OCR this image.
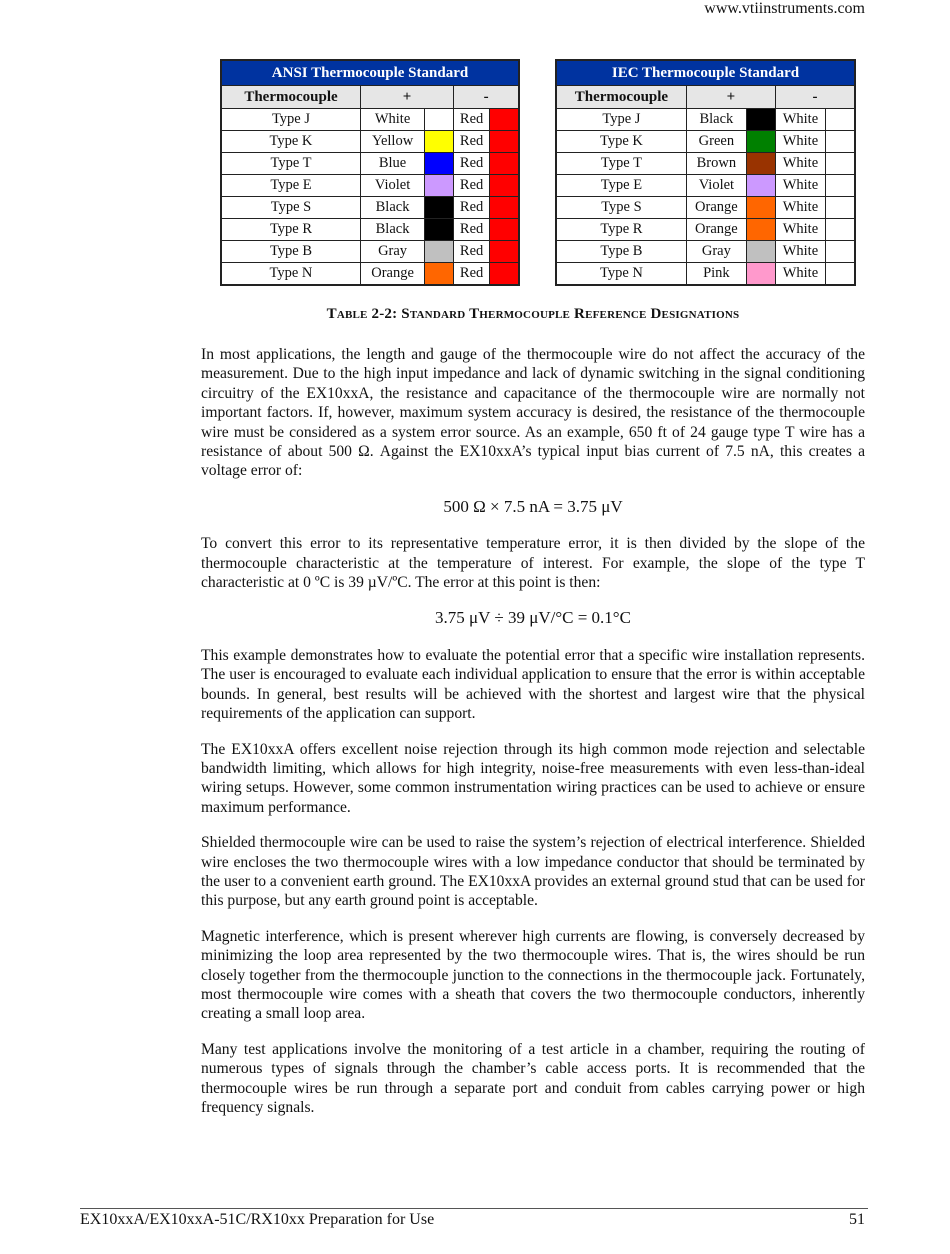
www.vtiinstruments.com
ANSI Thermocouple Standard				
Thermocouple	+		-	
Type J	White		Red	
Type K	Yellow		Red	
Type T	Blue		Red	
Type E	Violet		Red	
Type S	Black		Red	
Type R	Black		Red	
Type B	Gray		Red	
Type N	Orange		Red	
IEC Thermocouple Standard				
Thermocouple	+		-	
Type J	Black		White	
Type K	Green		White	
Type T	Brown		White	
Type E	Violet		White	
Type S	Orange		White	
Type R	Orange		White	
Type B	Gray		White	
Type N	Pink		White	
Table 2-2: Standard Thermocouple Reference Designations

In most applications, the length and gauge of the thermocouple wire do not affect the accuracy of the measurement. Due to the high input impedance and lack of dynamic switching in the signal conditioning circuitry of the EX10xxA, the resistance and capacitance of the thermocouple wire are normally not important factors. If, however, maximum system accuracy is desired, the resistance of the thermocouple wire must be considered as a system error source. As an example, 650 ft of 24 gauge type T wire has a resistance of about 500 Ω. Against the EX10xxA’s typical input bias current of 7.5 nA, this creates a voltage error of:

500 Ω × 7.5 nA = 3.75 μV

To convert this error to its representative temperature error, it is then divided by the slope of the thermocouple characteristic at the temperature of interest. For example, the slope of the type T characteristic at 0 ºC is 39 µV/ºC. The error at this point is then:

3.75 μV ÷ 39 μV/°C = 0.1°C

This example demonstrates how to evaluate the potential error that a specific wire installation represents. The user is encouraged to evaluate each individual application to ensure that the error is within acceptable bounds. In general, best results will be achieved with the shortest and largest wire that the physical requirements of the application can support.

The EX10xxA offers excellent noise rejection through its high common mode rejection and selectable bandwidth limiting, which allows for high integrity, noise-free measurements with even less-than-ideal wiring setups. However, some common instrumentation wiring practices can be used to achieve or ensure maximum performance.

Shielded thermocouple wire can be used to raise the system’s rejection of electrical interference. Shielded wire encloses the two thermocouple wires with a low impedance conductor that should be terminated by the user to a convenient earth ground. The EX10xxA provides an external ground stud that can be used for this purpose, but any earth ground point is acceptable.

Magnetic interference, which is present wherever high currents are flowing, is conversely decreased by minimizing the loop area represented by the two thermocouple wires. That is, the wires should be run closely together from the thermocouple junction to the connections in the thermocouple jack. Fortunately, most thermocouple wire comes with a sheath that covers the two thermocouple conductors, inherently creating a small loop area.

Many test applications involve the monitoring of a test article in a chamber, requiring the routing of numerous types of signals through the chamber’s cable access ports. It is recommended that the thermocouple wires be run through a separate port and conduit from cables carrying power or high frequency signals.

EX10xxA/EX10xxA-51C/RX10xx Preparation for Use	51
